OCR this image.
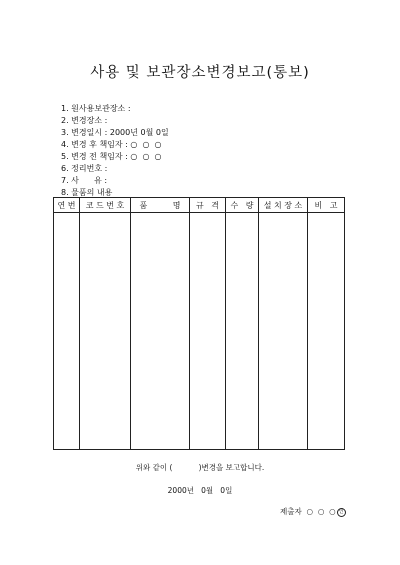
사용 및 보관장소변경보고(통보)
1. 원사용보관장소 :
2. 변경장소 :
3. 변경일시 : 2000년 0월 0일
4. 변경 후 책임자 : ○  ○  ○
5. 변경 전 책임자 : ○  ○  ○
6. 정리번호 :
7. 사      유 :
8. 물품의 내용
연 번	코 드 번 호	품          명	규   격	수   량	설 치 장 소	비   고

위와 같이 (           )변경을 보고합니다.
2000년   0월   0일
제출자  ○  ○  ○ 인
